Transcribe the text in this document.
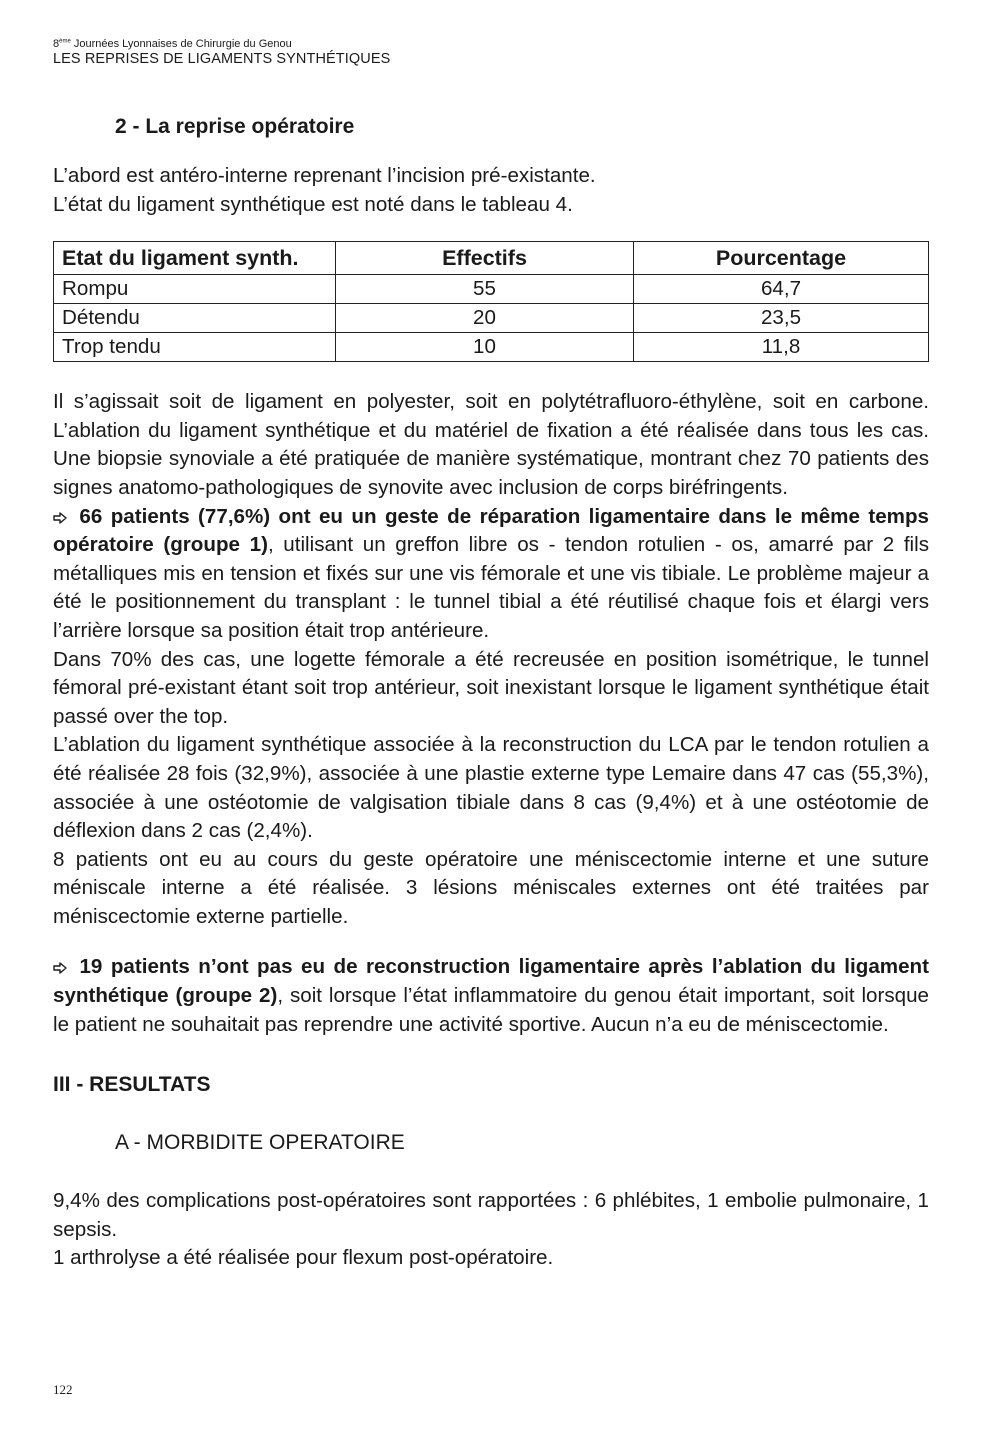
8ème Journées Lyonnaises de Chirurgie du Genou
LES REPRISES DE LIGAMENTS SYNTHÉTIQUES
2 - La reprise opératoire

L’abord est antéro-interne reprenant l’incision pré-existante.

L’état du ligament synthétique est noté dans le tableau 4.

Etat du ligament synth.	Effectifs	Pourcentage
Rompu	55	64,7
Détendu	20	23,5
Trop tendu	10	11,8

Il s’agissait soit de ligament en polyester, soit en polytétrafluoro-éthylène, soit en carbone. L’ablation du ligament synthétique et du matériel de fixation a été réalisée dans tous les cas. Une biopsie synoviale a été pratiquée de manière systématique, montrant chez 70 patients des signes anatomo-pathologiques de synovite avec inclusion de corps biréfringents.

66 patients (77,6%) ont eu un geste de réparation ligamentaire dans le même temps opératoire (groupe 1), utilisant un greffon libre os - tendon rotulien - os, amarré par 2 fils métalliques mis en tension et fixés sur une vis fémorale et une vis tibiale. Le problème majeur a été le positionnement du transplant : le tunnel tibial a été réutilisé chaque fois et élargi vers l’arrière lorsque sa position était trop antérieure.

Dans 70% des cas, une logette fémorale a été recreusée en position isométrique, le tunnel fémoral pré-existant étant soit trop antérieur, soit inexistant lorsque le ligament synthétique était passé over the top.

L’ablation du ligament synthétique associée à la reconstruction du LCA par le tendon rotulien a été réalisée 28 fois (32,9%), associée à une plastie externe type Lemaire dans 47 cas (55,3%), associée à une ostéotomie de valgisation tibiale dans 8 cas (9,4%) et à une ostéotomie de déflexion dans 2 cas (2,4%).

8 patients ont eu au cours du geste opératoire une méniscectomie interne et une suture méniscale interne a été réalisée. 3 lésions méniscales externes ont été traitées par méniscectomie externe partielle.

19 patients n’ont pas eu de reconstruction ligamentaire après l’ablation du ligament synthétique (groupe 2), soit lorsque l’état inflammatoire du genou était important, soit lorsque le patient ne souhaitait pas reprendre une activité sportive. Aucun n’a eu de méniscectomie.

III - RESULTATS
A - MORBIDITE OPERATOIRE

9,4% des complications post-opératoires sont rapportées : 6 phlébites, 1 embolie pulmonaire, 1 sepsis.

1 arthrolyse a été réalisée pour flexum post-opératoire.

122
